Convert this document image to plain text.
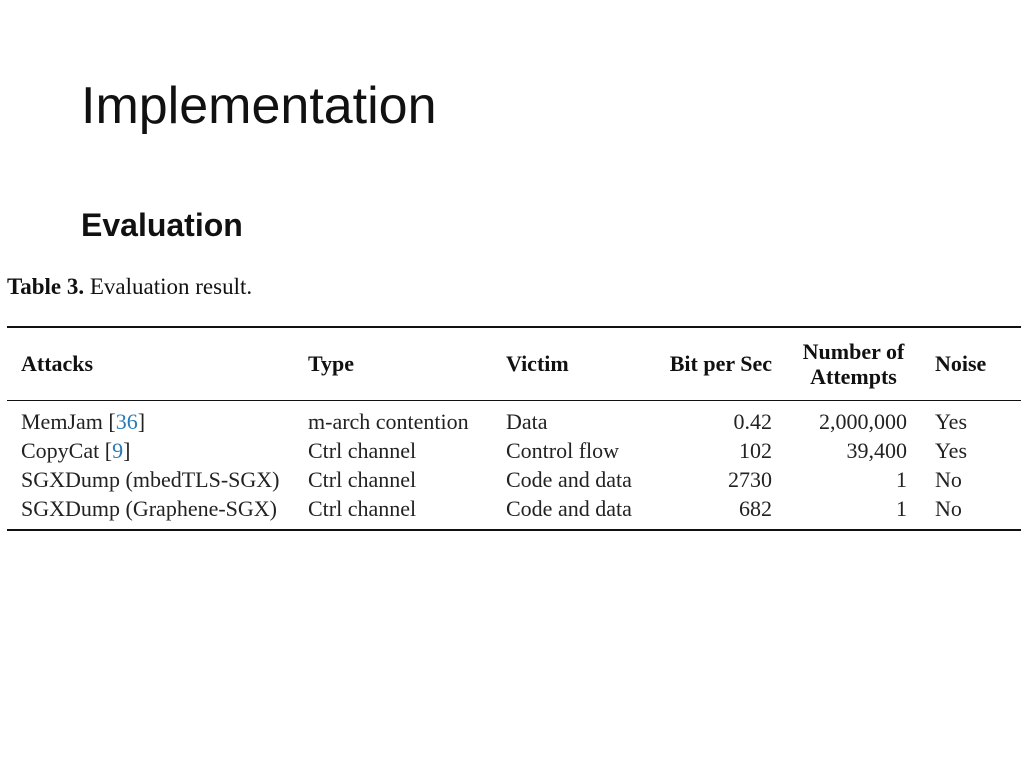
Implementation
Evaluation
Table 3. Evaluation result.
Attacks	Type	Victim	Bit per Sec	Number of Attempts	Noise
MemJam [36]	m-arch contention	Data	0.42	2,000,000	Yes
CopyCat [9]	Ctrl channel	Control flow	102	39,400	Yes
SGXDump (mbedTLS-SGX)	Ctrl channel	Code and data	2730	1	No
SGXDump (Graphene-SGX)	Ctrl channel	Code and data	682	1	No
